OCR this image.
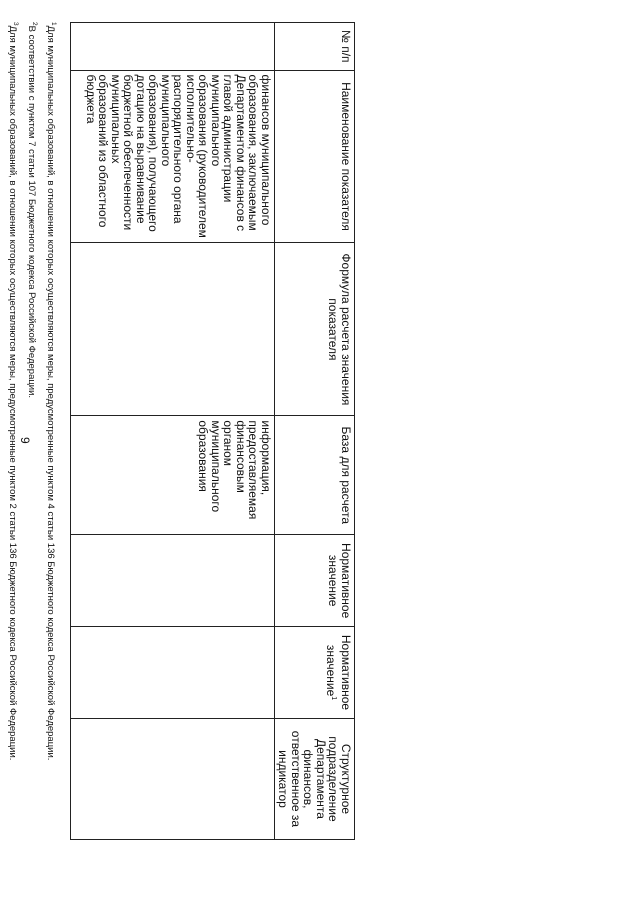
9
№ п/п	Наименование показателя	Формула расчета значения показателя	База для расчета	Нормативное значение	Нормативное значение$^1$	Структурное подразделение Департамента финансов, ответственное за индикатор
	финансов муниципального образования, заключаемым Департаментом финансов с главой администрации муниципального образования (руководителем исполнительно-распорядительного органа муниципального образования), получающего дотацию на выравнивание бюджетной обеспеченности муниципальных образований из областного бюджета		информация, предоставляемая финансовым органом муниципального образования			

$^1$Для муниципальных образований, в отношении которых осуществляются меры, предусмотренные пунктом 4 статьи 136 Бюджетного кодекса Российской Федерации.

$^2$В соответствии с пунктом 7 статьи 107 Бюджетного кодекса Российской Федерации.

$^3$Для муниципальных образований, в отношении которых осуществляются меры, предусмотренные пунктом 2 статьи 136 Бюджетного кодекса Российской Федерации.
